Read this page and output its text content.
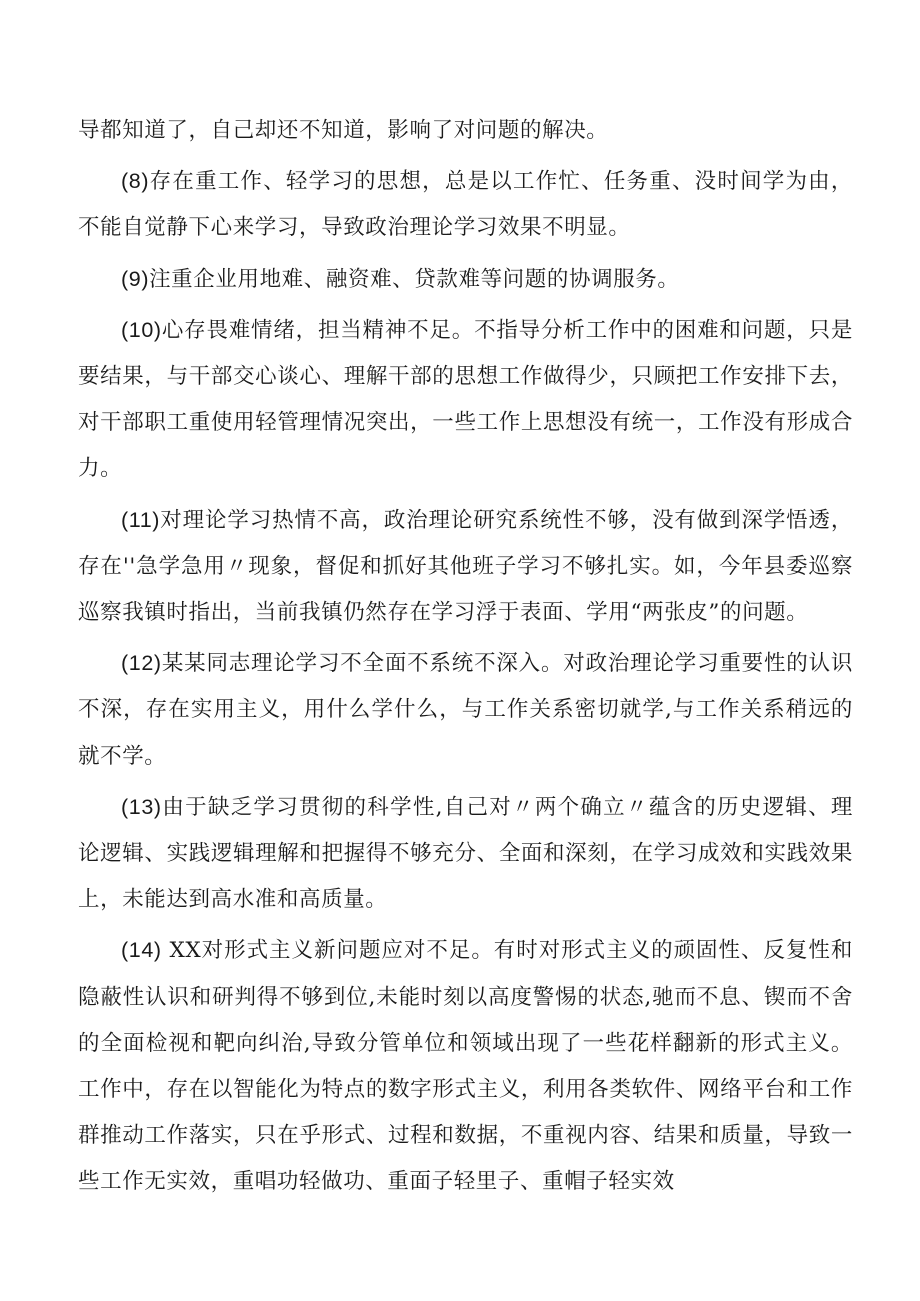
导都知道了，自己却还不知道，影响了对问题的解决。

(8)存在重工作、轻学习的思想，总是以工作忙、任务重、没时间学为由，不能自觉静下心来学习，导致政治理论学习效果不明显。

(9)注重企业用地难、融资难、贷款难等问题的协调服务。

(10)心存畏难情绪，担当精神不足。不指导分析工作中的困难和问题，只是要结果，与干部交心谈心、理解干部的思想工作做得少，只顾把工作安排下去，对干部职工重使用轻管理情况突出，一些工作上思想没有统一，工作没有形成合力。

(11)对理论学习热情不高，政治理论研究系统性不够，没有做到深学悟透，存在''急学急用〃现象，督促和抓好其他班子学习不够扎实。如，今年县委巡察巡察我镇时指出，当前我镇仍然存在学习浮于表面、学用“两张皮”的问题。

(12)某某同志理论学习不全面不系统不深入。对政治理论学习重要性的认识不深，存在实用主义，用什么学什么，与工作关系密切就学,与工作关系稍远的就不学。

(13)由于缺乏学习贯彻的科学性,自己对〃两个确立〃蕴含的历史逻辑、理论逻辑、实践逻辑理解和把握得不够充分、全面和深刻，在学习成效和实践效果上，未能达到高水准和高质量。

(14) XX对形式主义新问题应对不足。有时对形式主义的顽固性、反复性和隐蔽性认识和研判得不够到位,未能时刻以高度警惕的状态,驰而不息、锲而不舍的全面检视和靶向纠治,导致分管单位和领域出现了一些花样翻新的形式主义。工作中，存在以智能化为特点的数字形式主义，利用各类软件、网络平台和工作群推动工作落实，只在乎形式、过程和数据，不重视内容、结果和质量，导致一些工作无实效，重唱功轻做功、重面子轻里子、重帽子轻实效
